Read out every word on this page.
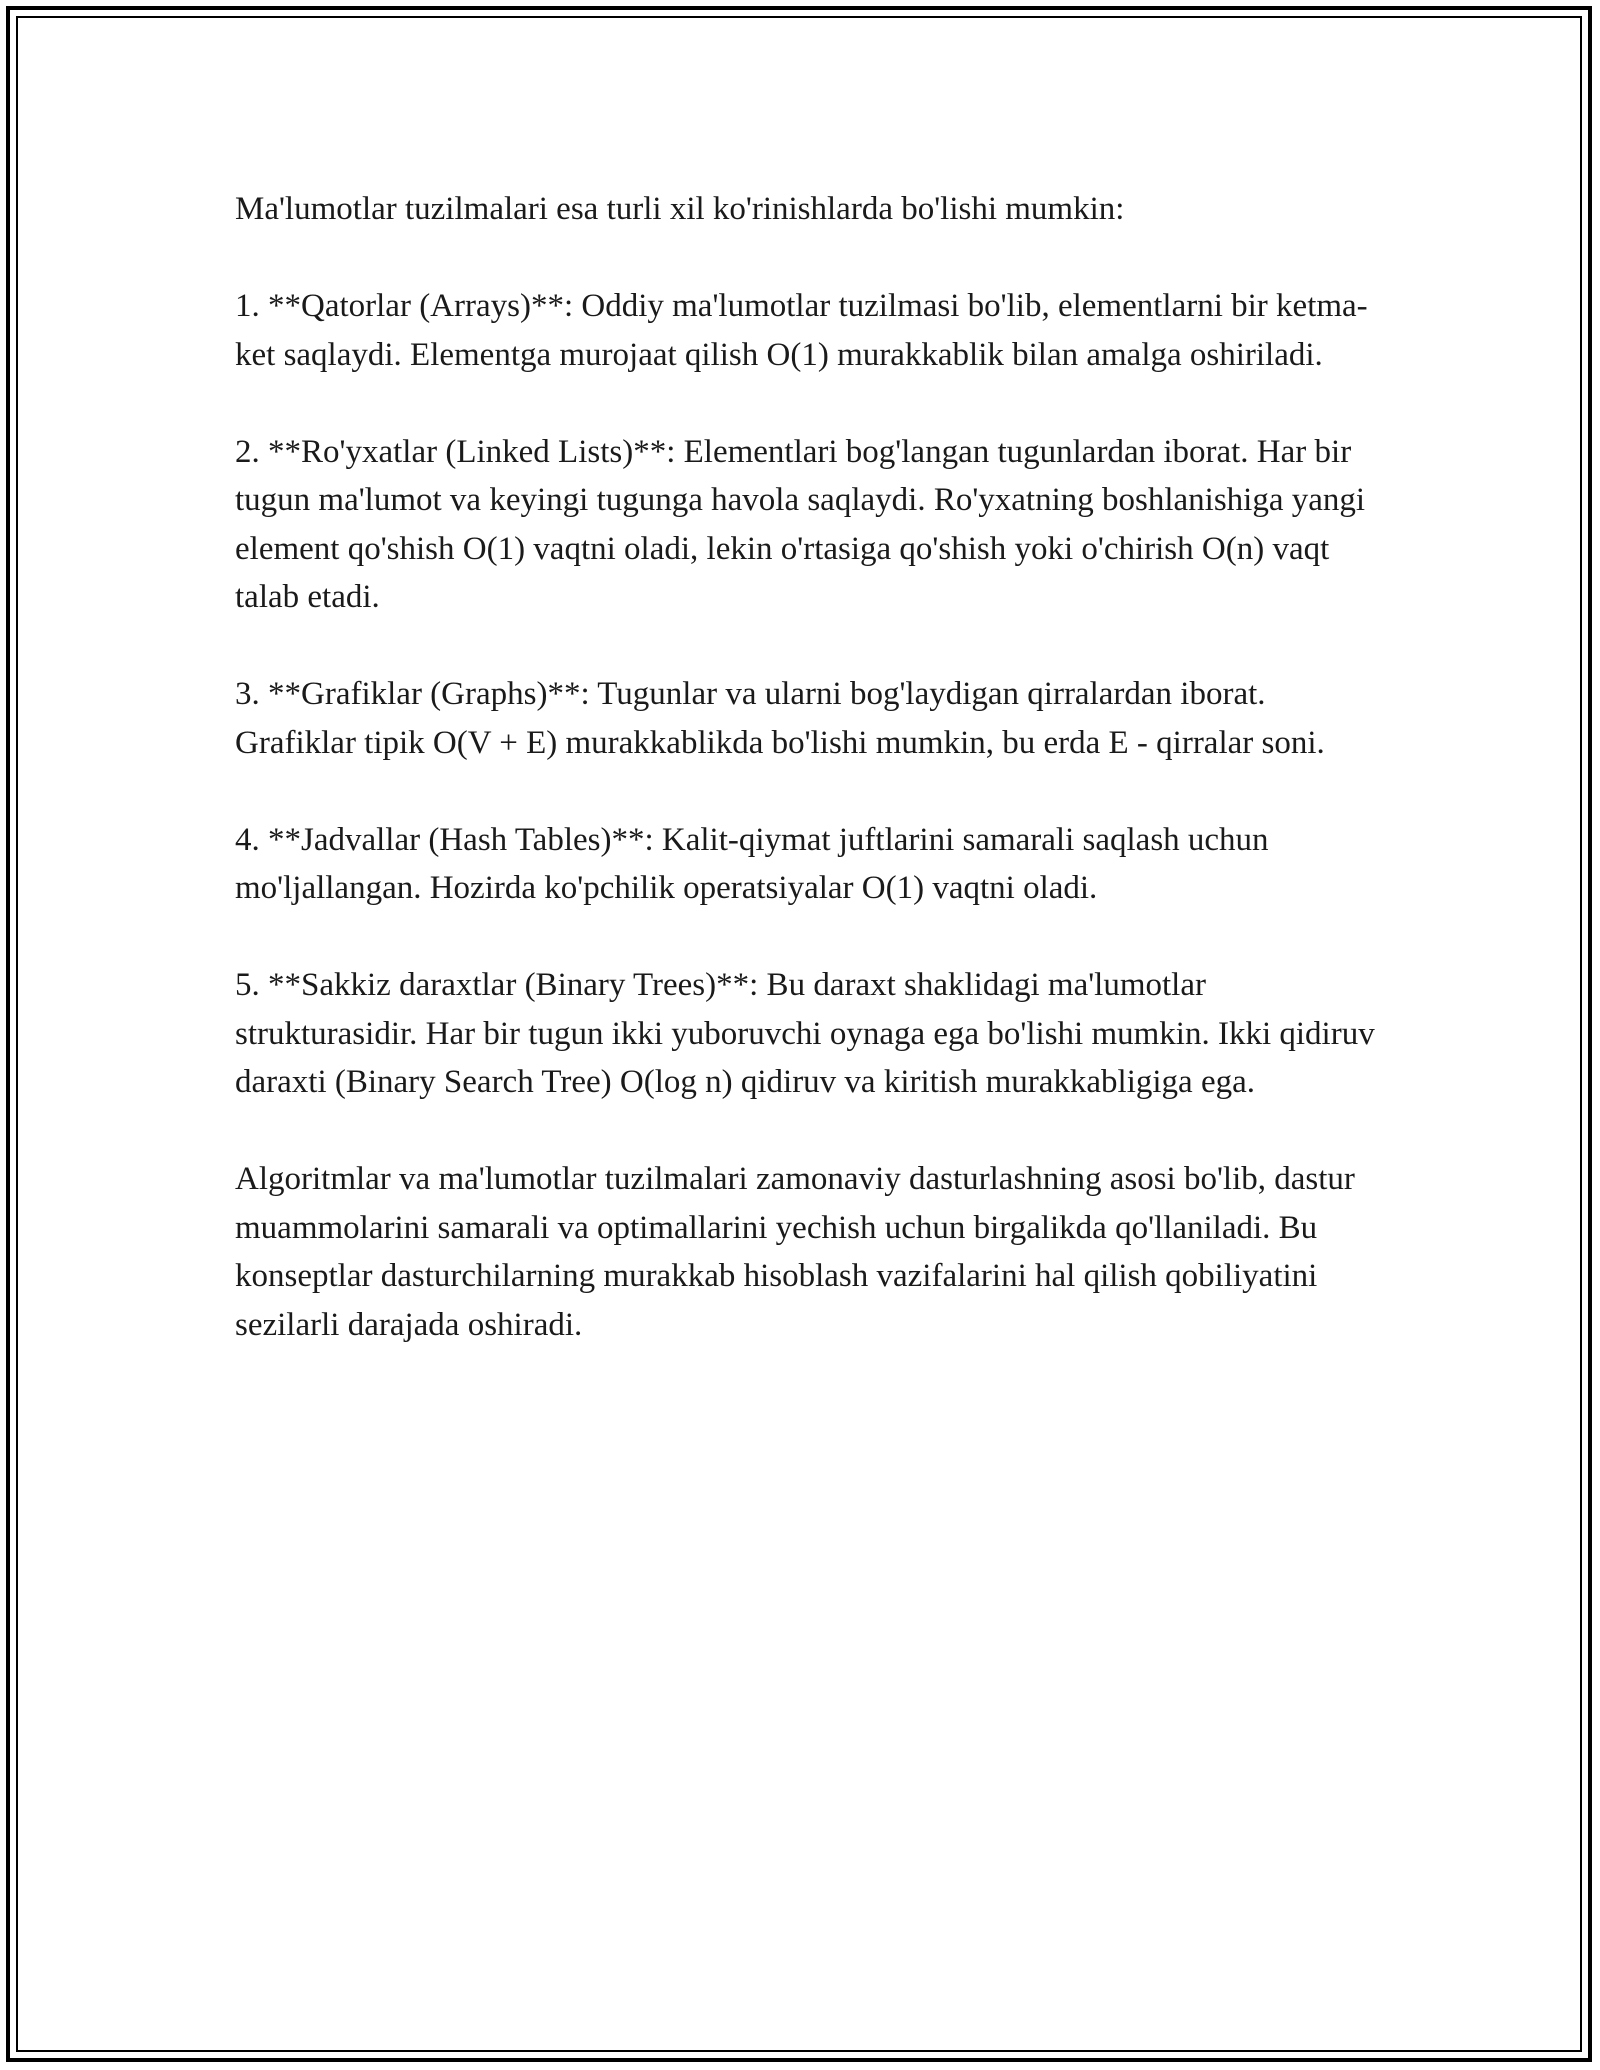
Ma'lumotlar tuzilmalari esa turli xil ko'rinishlarda bo'lishi mumkin:

1. **Qatorlar (Arrays)**: Oddiy ma'lumotlar tuzilmasi bo'lib, elementlarni bir ketma-ket saqlaydi. Elementga murojaat qilish O(1) murakkablik bilan amalga oshiriladi.

2. **Ro'yxatlar (Linked Lists)**: Elementlari bog'langan tugunlardan iborat. Har bir tugun ma'lumot va keyingi tugunga havola saqlaydi. Ro'yxatning boshlanishiga yangi element qo'shish O(1) vaqtni oladi, lekin o'rtasiga qo'shish yoki o'chirish O(n) vaqt talab etadi.

3. **Grafiklar (Graphs)**: Tugunlar va ularni bog'laydigan qirralardan iborat. Grafiklar tipik O(V + E) murakkablikda bo'lishi mumkin, bu erda E - qirralar soni.

4. **Jadvallar (Hash Tables)**: Kalit-qiymat juftlarini samarali saqlash uchun mo'ljallangan. Hozirda ko'pchilik operatsiyalar O(1) vaqtni oladi.

5. **Sakkiz daraxtlar (Binary Trees)**: Bu daraxt shaklidagi ma'lumotlar strukturasidir. Har bir tugun ikki yuboruvchi oynaga ega bo'lishi mumkin. Ikki qidiruv daraxti (Binary Search Tree) O(log n) qidiruv va kiritish murakkabligiga ega.

Algoritmlar va ma'lumotlar tuzilmalari zamonaviy dasturlashning asosi bo'lib, dastur muammolarini samarali va optimallarini yechish uchun birgalikda qo'llaniladi. Bu konseptlar dasturchilarning murakkab hisoblash vazifalarini hal qilish qobiliyatini sezilarli darajada oshiradi.
